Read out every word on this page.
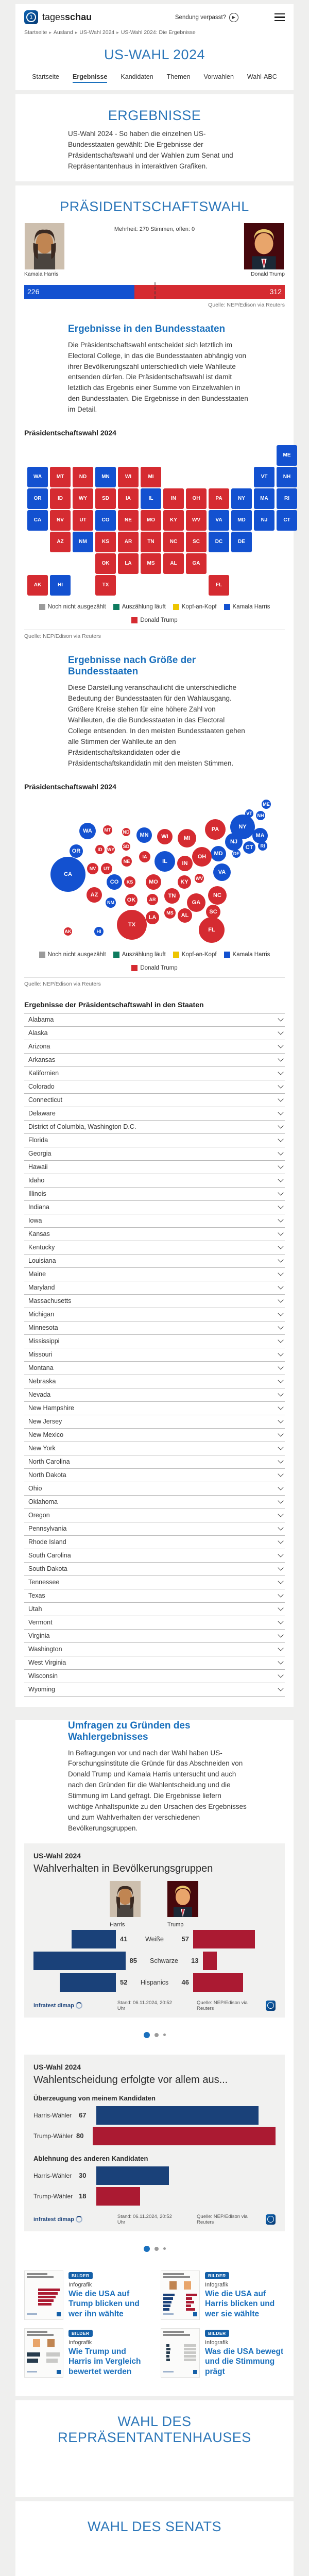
1	tagesschau	Sendung verpasst?	▶
Startseite ▸ Ausland ▸ US-Wahl 2024 ▸ US-Wahl 2024: Die Ergebnisse
US-WAHL 2024
Startseite Ergebnisse Kandidaten Themen Vorwahlen Wahl-ABC
ERGEBNISSE
US-Wahl 2024 - So haben die einzelnen US-Bundesstaaten gewählt: Die Ergebnisse der Präsidentschaftswahl und der Wahlen zum Senat und Repräsentantenhaus in interaktiven Grafiken.
PRÄSIDENTSCHAFTSWAHL
Kamala Harris
Mehrheit: 270 Stimmen, offen: 0
Donald Trump
226	312
Quelle: NEP/Edison via Reuters
Ergebnisse in den Bundesstaaten
Die Präsidentschaftswahl entscheidet sich letztlich im Electoral College, in das die Bundesstaaten abhängig von ihrer Bevölkerungszahl unterschiedlich viele Wahlleute entsenden dürfen. Die Präsidentschaftswahl ist damit letztlich das Ergebnis einer Summe von Einzelwahlen in den Bundesstaaten. Die Ergebnisse in den Bundesstaaten im Detail.
Präsidentschaftswahl 2024
AL
AK
AZ	AR
CA	CO	CT
DE
DC
FL
GA
HI
ID	IL	IN
IA
KS
KY
LA
ME
MD
MA
MI
MN
MS
MO
MT
NE
NV
NH
NJ
NM
NY
NC
ND
OH
OK
OR	PA	RI
SC
SD
TN
TX
UT
VT
VA
WA
WV
WI
WY
Noch nicht ausgezählt	Auszählung läuft	Kopf-an-Kopf	Kamala Harris
Donald Trump
Quelle: NEP/Edison via Reuters
Ergebnisse nach Größe der Bundesstaaten
Diese Darstellung veranschaulicht die unterschiedliche Bedeutung der Bundesstaaten für den Wahlausgang. Größere Kreise stehen für eine höhere Zahl von Wahlleuten, die die Bundesstaaten in das Electoral College entsenden. In den meisten Bundesstaaten gehen alle Stimmen der Wahlleute an den Präsidentschaftskandidaten oder die Präsidentschaftskandidatin mit den meisten Stimmen.
Präsidentschaftswahl 2024
AL
AK
AZ
AR
CA
CO
CT
DE
FL
GA
HI
ID
IL	IN
IA
KS	KY
LA
ME
MD
MA
MI
MN
MS
MO
MT
NE
NV
NH
NJ
NM
NY
NC
ND
OH
OK
OR
PA
RI
SC
SD
TN
TX
UT
VT
VA
WA
WV
WI
WY
Noch nicht ausgezählt	Auszählung läuft	Kopf-an-Kopf	Kamala Harris
Donald Trump
Quelle: NEP/Edison via Reuters
Ergebnisse der Präsidentschaftswahl in den Staaten
Alabama
Alaska
Arizona
Arkansas
Kalifornien
Colorado
Connecticut
Delaware
District of Columbia, Washington D.C.
Florida
Georgia
Hawaii
Idaho
Illinois
Indiana
Iowa
Kansas
Kentucky
Louisiana
Maine
Maryland
Massachusetts
Michigan
Minnesota
Mississippi
Missouri
Montana
Nebraska
Nevada
New Hampshire
New Jersey
New Mexico
New York
North Carolina
North Dakota
Ohio
Oklahoma
Oregon
Pennsylvania
Rhode Island
South Carolina
South Dakota
Tennessee
Texas
Utah
Vermont
Virginia
Washington
West Virginia
Wisconsin
Wyoming
Umfragen zu Gründen des Wahlergebnisses
In Befragungen vor und nach der Wahl haben US-Forschungsinstitute die Gründe für das Abschneiden von Donald Trump und Kamala Harris untersucht und auch nach den Gründen für die Wahlentscheidung und die Stimmung im Land gefragt. Die Ergebnisse liefern wichtige Anhaltspunkte zu den Ursachen des Ergebnisses und zum Wahlverhalten der verschiedenen Bevölkerungsgruppen.
US-Wahl 2024
Wahlverhalten in Bevölkerungsgruppen
Harris	Trump
41	Weiße	57
85 Schwarze 13
52 Hispanics 46
infratest dimap	Stand: 06.11.2024, 20:52 Uhr
Quelle: NEP/Edison via Reuters
US-Wahl 2024
Wahlentscheidung erfolgte vor allem aus...
Überzeugung von meinem Kandidaten
Harris-Wähler	67
Trump-Wähler 80
Ablehnung des anderen Kandidaten
Harris-Wähler	30
Trump-Wähler 18
infratest dimap	Stand: 06.11.2024, 20:52 Uhr
Quelle: NEP/Edison via Reuters
BILDER
Infografik
Wie die USA auf Trump blicken und wer ihn wählte
BILDER
Infografik
Wie die USA auf Harris blicken und wer sie wählte
BILDER
Infografik
Wie Trump und Harris im Vergleich bewertet werden
BILDER
Infografik
Was die USA bewegt und die Stimmung prägt
WAHL DES REPRÄSENTANTENHAUSES
WAHL DES SENATS
